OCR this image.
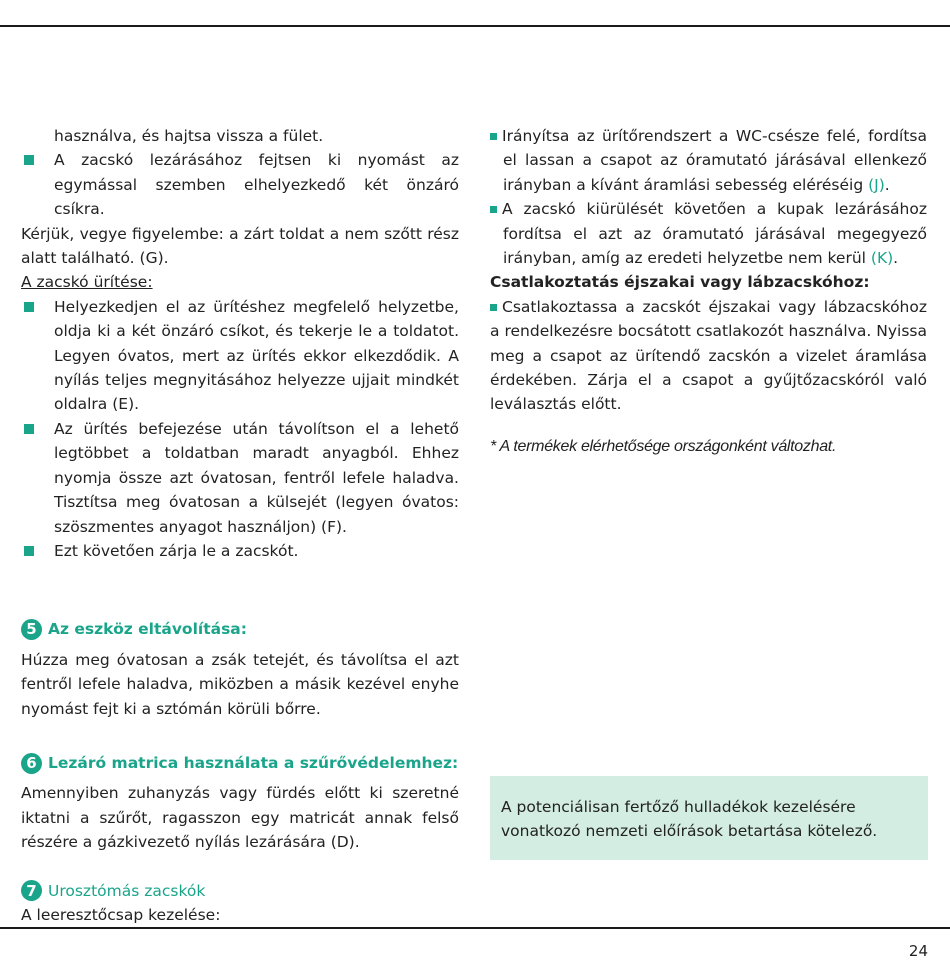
használva, és hajtsa vissza a fület.

A zacskó lezárásához fejtsen ki nyomást az egymással szemben elhelyezkedő két önzáró csíkra.

Kérjük, vegye figyelembe: a zárt toldat a nem szőtt rész alatt található. (G).

A zacskó ürítése:

Helyezkedjen el az ürítéshez megfelelő helyzetbe, oldja ki a két önzáró csíkot, és tekerje le a toldatot. Legyen óvatos, mert az ürítés ekkor elkezdődik. A nyílás teljes megnyitásához helyezze ujjait mindkét oldalra (E).

Az ürítés befejezése után távolítson el a lehető legtöbbet a toldatban maradt anyagból. Ehhez nyomja össze azt óvatosan, fentről lefele haladva. Tisztítsa meg óvatosan a külsejét (legyen óvatos: szöszmentes anyagot használjon) (F).

Ezt követően zárja le a zacskót.

5 Az eszköz eltávolítása:

Húzza meg óvatosan a zsák tetejét, és távolítsa el azt fentről lefele haladva, miközben a másik kezével enyhe nyomást fejt ki a sztómán körüli bőrre.

6 Lezáró matrica használata a szűrővédelemhez:

Amennyiben zuhanyzás vagy fürdés előtt ki szeretné iktatni a szűrőt, ragasszon egy matricát annak felső részére a gázkivezető nyílás lezárására (D).

7 Urosztómás zacskók

A leeresztőcsap kezelése:

Irányítsa az ürítőrendszert a WC-csésze felé, fordítsa el lassan a csapot az óramutató járásával ellenkező irányban a kívánt áramlási sebesség eléréséig (J).

A zacskó kiürülését követően a kupak lezárásához fordítsa el azt az óramutató járásával megegyező irányban, amíg az eredeti helyzetbe nem kerül (K).

Csatlakoztatás éjszakai vagy lábzacskóhoz:

Csatlakoztassa a zacskót éjszakai vagy lábzacskóhoz a rendelkezésre bocsátott csatlakozót használva. Nyissa meg a csapot az ürítendő zacskón a vizelet áramlása érdekében. Zárja el a csapot a gyűjtőzacskóról való leválasztás előtt.

* A termékek elérhetősége országonként változhat.

A potenciálisan fertőző hulladékok kezelésére vonatkozó nemzeti előírások betartása kötelező.
24
